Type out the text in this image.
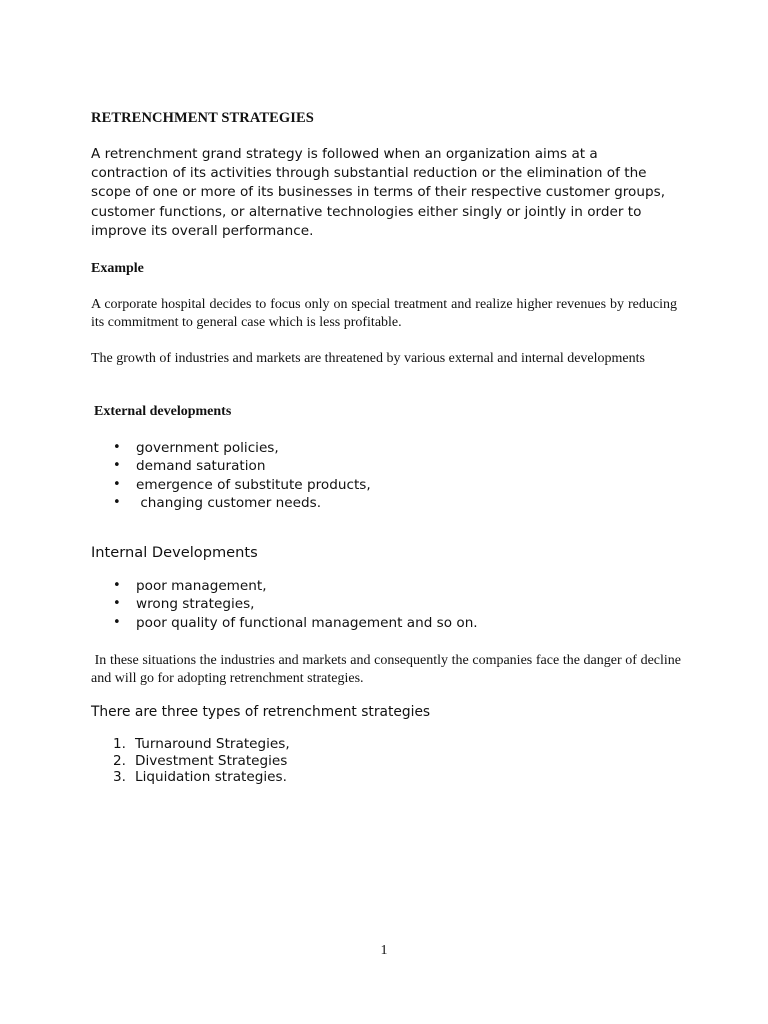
RETRENCHMENT STRATEGIES
A retrenchment grand strategy is followed when an organization aims at a
contraction of its activities through substantial reduction or the elimination of the
scope of one or more of its businesses in terms of their respective customer groups,
customer functions, or alternative technologies either singly or jointly in order to
improve its overall performance.
Example
A corporate hospital decides to focus only on special treatment and realize higher revenues by reducing its commitment to general case which is less profitable.
The growth of industries and markets are threatened by various external and internal developments
External developments
• government policies,
• demand saturation
• emergence of substitute products,
• changing customer needs.
Internal Developments
• poor management,
• wrong strategies,
• poor quality of functional management and so on.
In these situations the industries and markets and consequently the companies face the danger of decline and will go for adopting retrenchment strategies.
There are three types of retrenchment strategies
1. Turnaround Strategies,
2. Divestment Strategies
3. Liquidation strategies.
1
